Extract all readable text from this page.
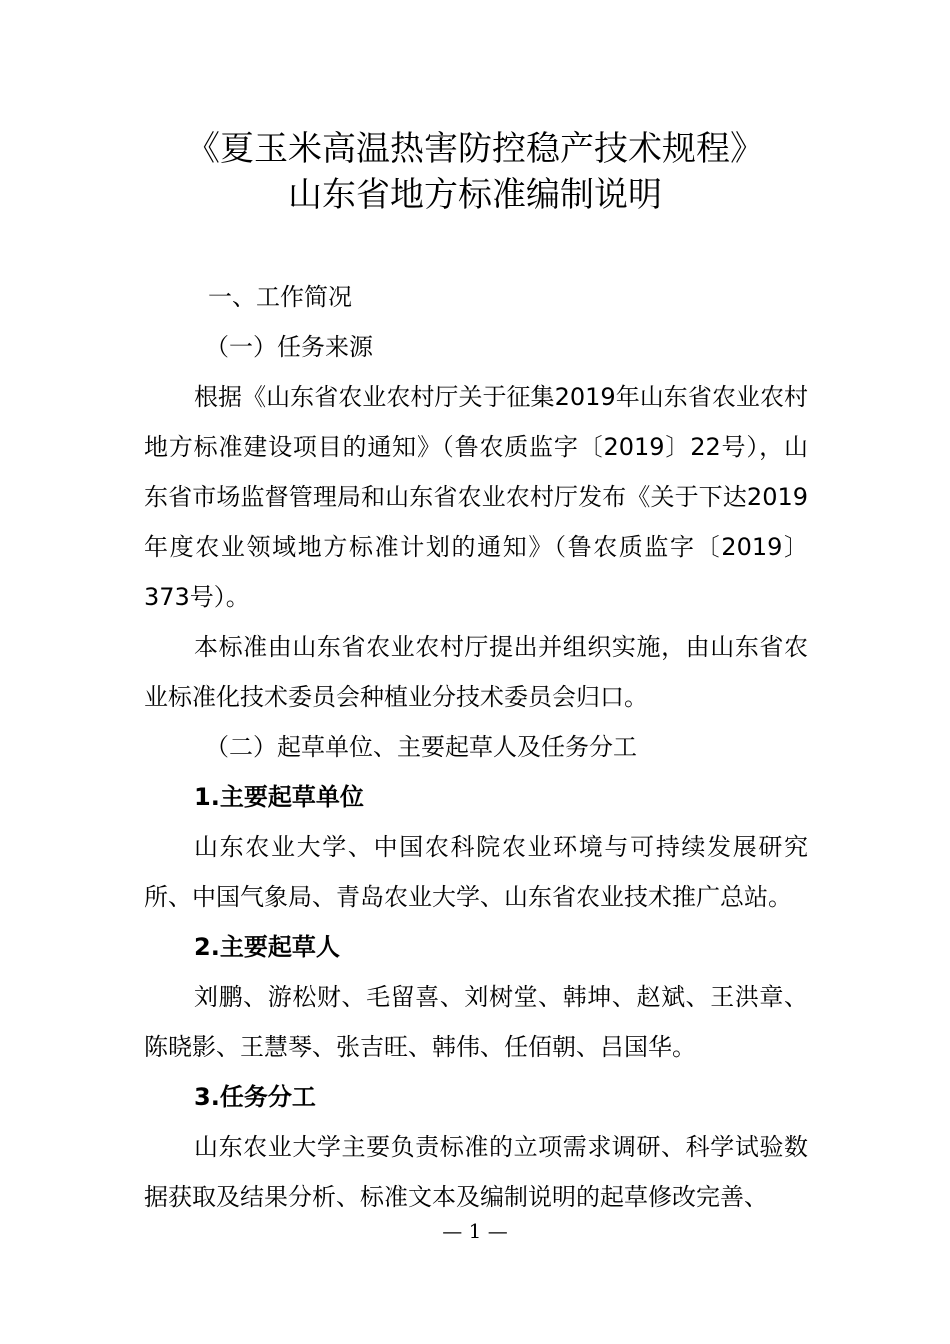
《夏玉米高温热害防控稳产技术规程》
山东省地方标准编制说明

一、工作简况

（一）任务来源

根据《山东省农业农村厅关于征集2019年山东省农业农村地方标准建设项目的通知》（鲁农质监字〔2019〕22号），山东省市场监督管理局和山东省农业农村厅发布《关于下达2019年度农业领域地方标准计划的通知》（鲁农质监字〔2019〕373号）。

本标准由山东省农业农村厅提出并组织实施，由山东省农业标准化技术委员会种植业分技术委员会归口。

（二）起草单位、主要起草人及任务分工

1.主要起草单位

山东农业大学、中国农科院农业环境与可持续发展研究所、中国气象局、青岛农业大学、山东省农业技术推广总站。

2.主要起草人

刘鹏、游松财、毛留喜、刘树堂、韩坤、赵斌、王洪章、陈晓影、王慧琴、张吉旺、韩伟、任佰朝、吕国华。

3.任务分工

山东农业大学主要负责标准的立项需求调研、科学试验数据获取及结果分析、标准文本及编制说明的起草修改完善、

— 1 —
